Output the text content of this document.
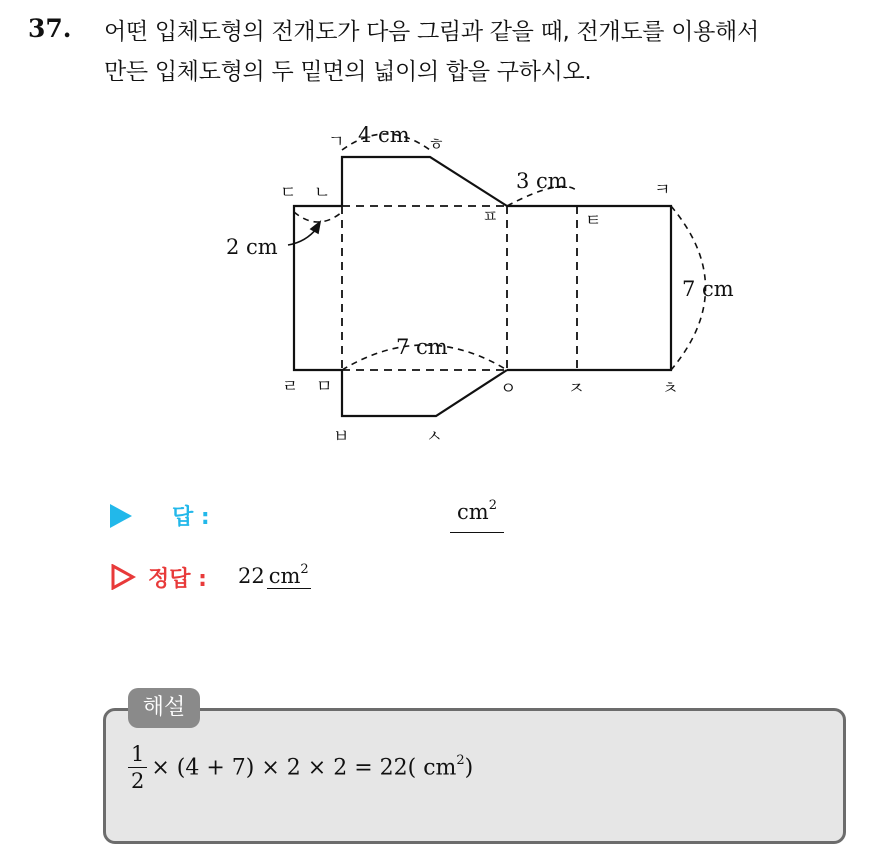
37. 어떤 입체도형의 전개도가 다음 그림과 같을 때, 전개도를 이용해서
만든 입체도형의 두 밑면의 넓이의 합을 구하시오.
ㄱ	ㅎ
ㄷ ㄴ
ㅍ	ㅌ
ㅋ
ㄹ ㅁ	ㅇ	ㅈ	ㅊ
ㅂ	ㅅ
4 cm
3 cm
2 cm
7 cm
7 cm
답 :	$cm^2$
정답 : 22 $cm^2$
해설
$\frac{1}{2} \times (4 + 7) \times 2 \times 2 = 22$( $cm^2$)
